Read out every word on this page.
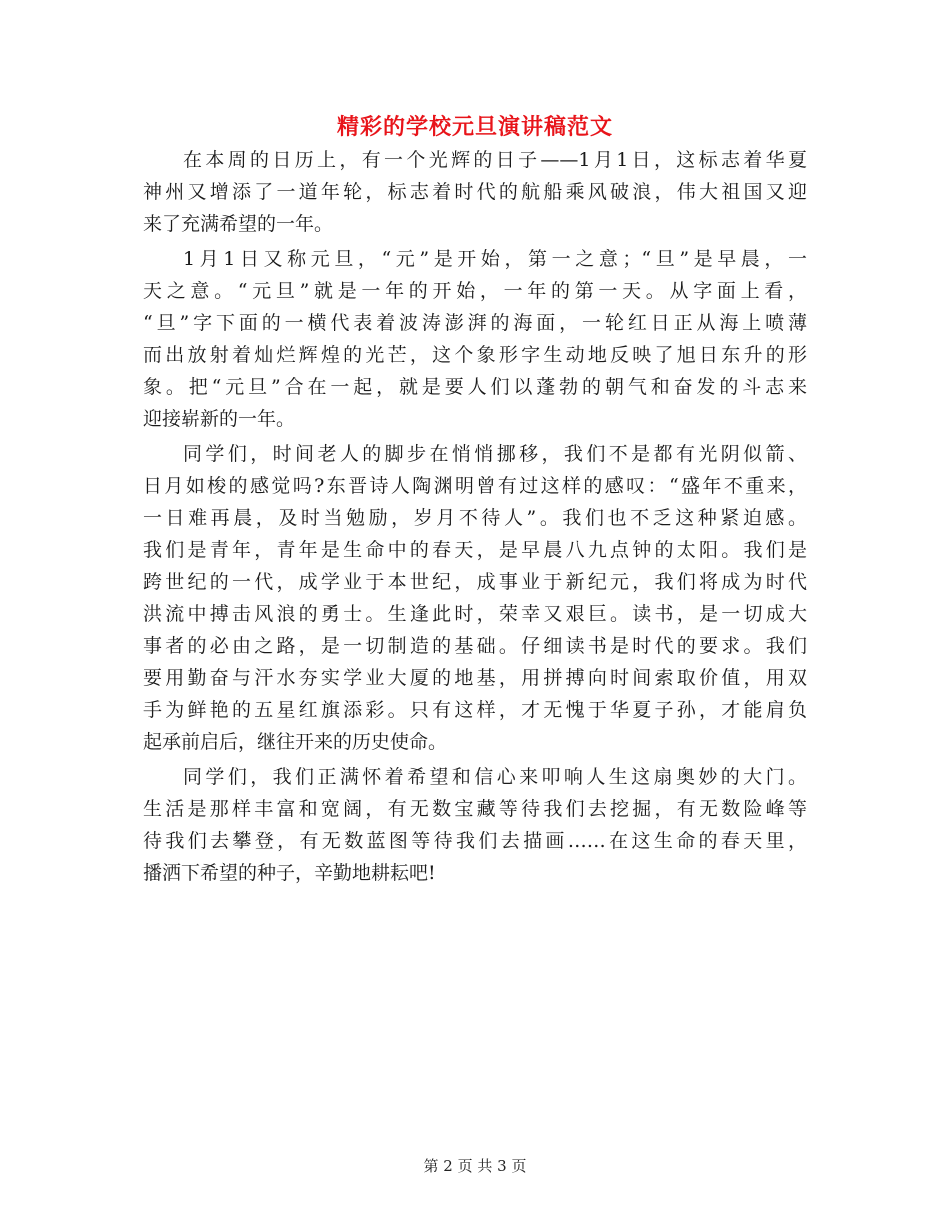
精彩的学校元旦演讲稿范文
在本周的日历上，有一个光辉的日子——1月1日，这标志着华夏
神州又增添了一道年轮，标志着时代的航船乘风破浪，伟大祖国又迎
来了充满希望的一年。
1月1日又称元旦，“元”是开始，第一之意；“旦”是早晨，一
天之意。“元旦”就是一年的开始，一年的第一天。从字面上看，
“旦”字下面的一横代表着波涛澎湃的海面，一轮红日正从海上喷薄
而出放射着灿烂辉煌的光芒，这个象形字生动地反映了旭日东升的形
象。把“元旦”合在一起，就是要人们以蓬勃的朝气和奋发的斗志来
迎接崭新的一年。
同学们，时间老人的脚步在悄悄挪移，我们不是都有光阴似箭、
日月如梭的感觉吗?东晋诗人陶渊明曾有过这样的感叹：“盛年不重来，
一日难再晨，及时当勉励，岁月不待人”。我们也不乏这种紧迫感。
我们是青年，青年是生命中的春天，是早晨八九点钟的太阳。我们是
跨世纪的一代，成学业于本世纪，成事业于新纪元，我们将成为时代
洪流中搏击风浪的勇士。生逢此时，荣幸又艰巨。读书，是一切成大
事者的必由之路，是一切制造的基础。仔细读书是时代的要求。我们
要用勤奋与汗水夯实学业大厦的地基，用拼搏向时间索取价值，用双
手为鲜艳的五星红旗添彩。只有这样，才无愧于华夏子孙，才能肩负
起承前启后，继往开来的历史使命。
同学们，我们正满怀着希望和信心来叩响人生这扇奥妙的大门。
生活是那样丰富和宽阔，有无数宝藏等待我们去挖掘，有无数险峰等
待我们去攀登，有无数蓝图等待我们去描画……在这生命的春天里，
播洒下希望的种子，辛勤地耕耘吧!
第 2 页 共 3 页
